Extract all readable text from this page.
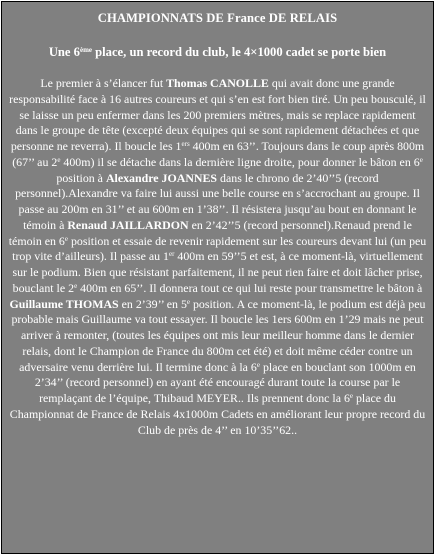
CHAMPIONNATS DE France DE RELAIS

Une 6ème place, un record du club, le 4×1000 cadet se porte bien

Le premier à s’élancer fut Thomas CANOLLE qui avait donc une grande responsabilité face à 16 autres coureurs et qui s’en est fort bien tiré. Un peu bousculé, il se laisse un peu enfermer dans les 200 premiers mètres, mais se replace rapidement dans le groupe de tête (excepté deux équipes qui se sont rapidement détachées et que personne ne reverra). Il boucle les 1ers 400m en 63’’. Toujours dans le coup après 800m (67’’ au 2e 400m) il se détache dans la dernière ligne droite, pour donner le bâton en 6e position à Alexandre JOANNES dans le chrono de 2’40’’5 (record personnel).Alexandre va faire lui aussi une belle course en s’accrochant au groupe. Il passe au 200m en 31’’ et au 600m en 1’38’’. Il résistera jusqu’au bout en donnant le témoin à Renaud JAILLARDON en 2’42’’5 (record personnel).Renaud prend le témoin en 6e position et essaie de revenir rapidement sur les coureurs devant lui (un peu trop vite d’ailleurs). Il passe au 1er 400m en 59’’5 et est, à ce moment-là, virtuellement sur le podium. Bien que résistant parfaitement, il ne peut rien faire et doit lâcher prise, bouclant le 2e 400m en 65’’. Il donnera tout ce qui lui reste pour transmettre le bâton à Guillaume THOMAS en 2’39’’ en 5e position. A ce moment-là, le podium est déjà peu probable mais Guillaume va tout essayer. Il boucle les 1ers 600m en 1’29 mais ne peut arriver à remonter, (toutes les équipes ont mis leur meilleur homme dans le dernier relais, dont le Champion de France du 800m cet été) et doit même céder contre un adversaire venu derrière lui. Il termine donc à la 6e place en bouclant son 1000m en 2’34’’ (record personnel) en ayant été encouragé durant toute la course par le remplaçant de l’équipe, Thibaud MEYER.. Ils prennent donc la 6e place du Championnat de France de Relais 4x1000m Cadets en améliorant leur propre record du Club de près de 4’’ en 10’35’’62..
